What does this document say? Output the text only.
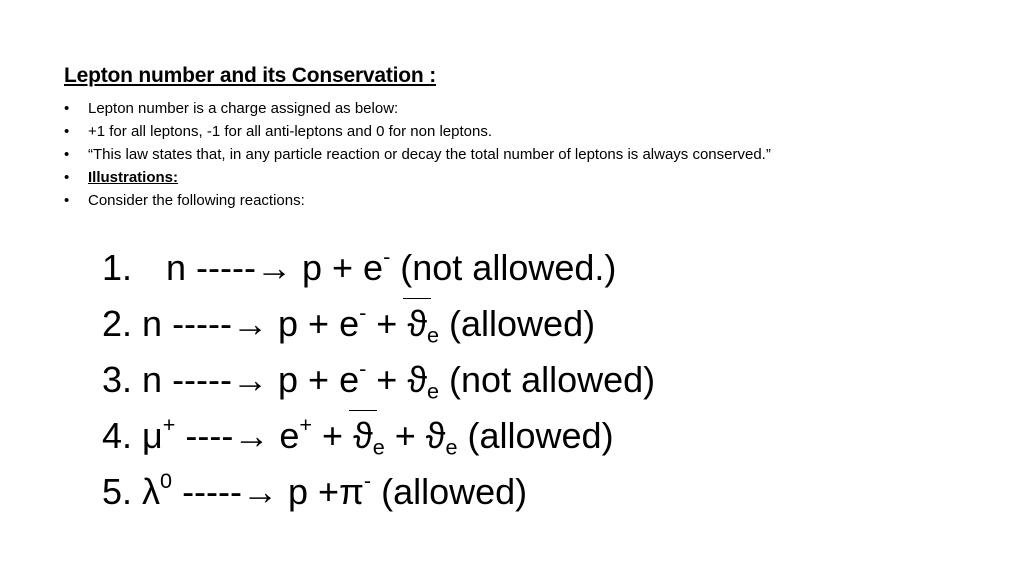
Lepton number and its Conservation :
• Lepton number is a charge assigned as below:
• +1 for all leptons, -1 for all anti-leptons and 0 for non leptons.
• “This law states that, in any particle reaction or decay the total number of leptons is always conserved.”
• Illustrations:
• Consider the following reactions:
1. n -----→ p + e- (not allowed.)
2. n -----→ $p + e^- + ϑ_e$ (allowed)
3. n -----→ $p + e^- + ϑ_e$ (not allowed)
4. μ+ ----→ $e^+ + ϑ_e + ϑ_e$ (allowed)
5. $\lambda^0$ -----→ p +π- (allowed)
